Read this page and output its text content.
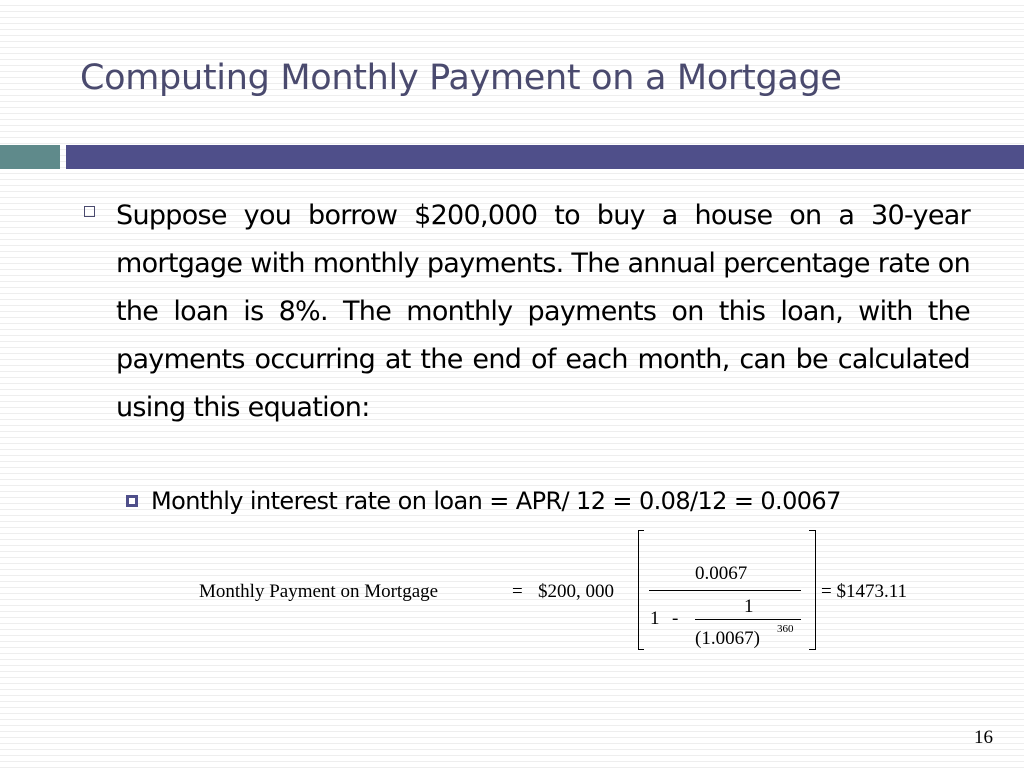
Computing Monthly Payment on a Mortgage

Suppose you borrow $200,000 to buy a house on a 30-year mortgage with monthly payments. The annual percentage rate on the loan is 8%. The monthly payments on this loan, with the payments occurring at the end of each month, can be calculated using this equation:

Monthly interest rate on loan = APR/ 12 = 0.08/12 = 0.0067

Monthly Payment on Mortgage	= $200, 000
0.0067
1 -
1
(1.0067) 360
= $1473.11
16
